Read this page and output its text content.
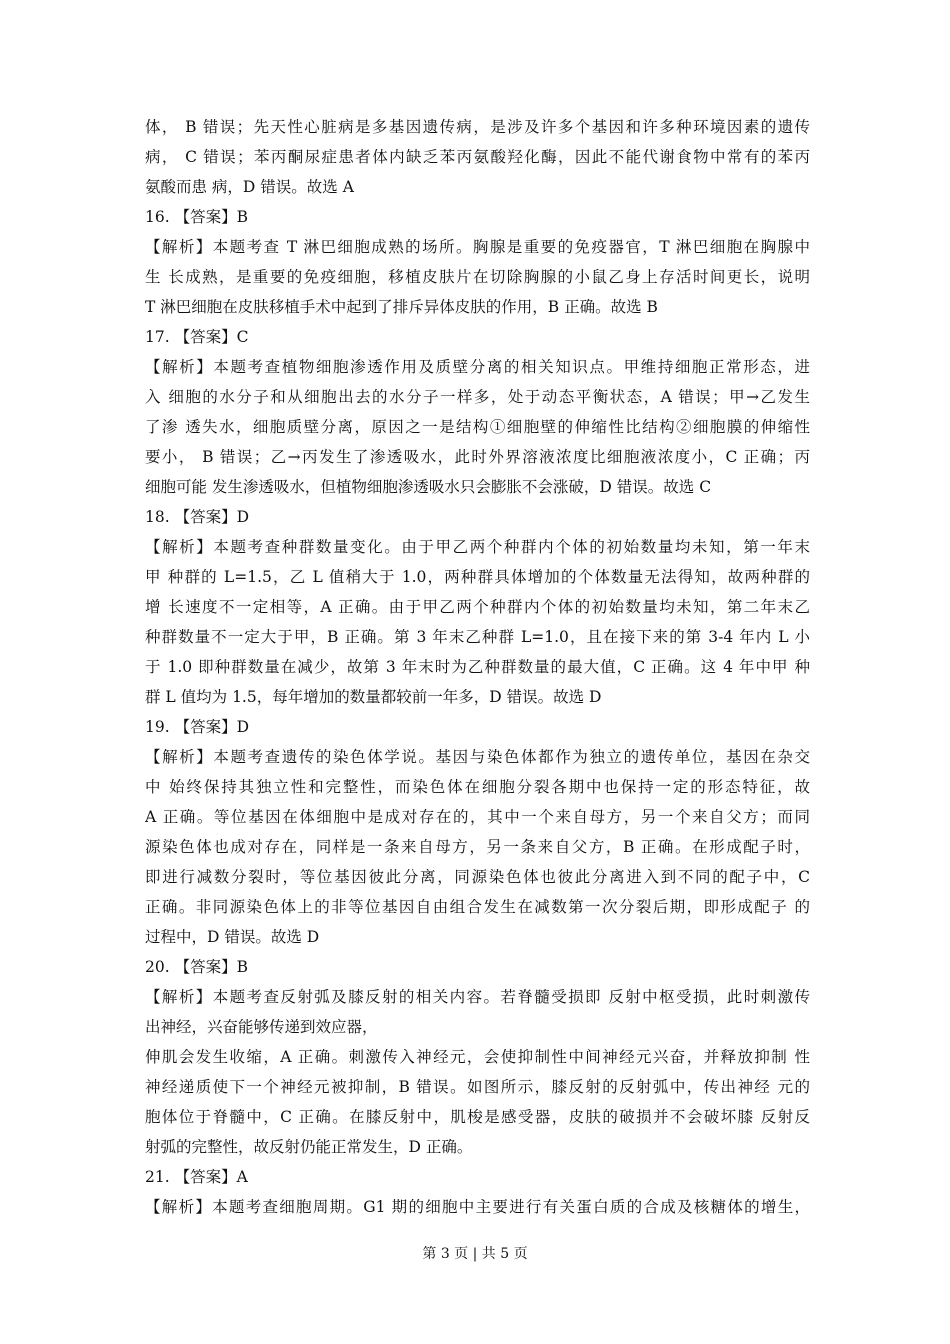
体， B 错误；先天性心脏病是多基因遗传病，是涉及许多个基因和许多种环境因素的遗传
病， C 错误；苯丙酮尿症患者体内缺乏苯丙氨酸羟化酶，因此不能代谢食物中常有的苯丙
氨酸而患 病，D 错误。故选 A
16. 【答案】B
【解析】本题考查 T 淋巴细胞成熟的场所。胸腺是重要的免疫器官，T 淋巴细胞在胸腺中
生 长成熟，是重要的免疫细胞，移植皮肤片在切除胸腺的小鼠乙身上存活时间更长，说明
T 淋巴细胞在皮肤移植手术中起到了排斥异体皮肤的作用，B 正确。故选 B
17. 【答案】C
【解析】本题考查植物细胞渗透作用及质壁分离的相关知识点。甲维持细胞正常形态，进
入 细胞的水分子和从细胞出去的水分子一样多，处于动态平衡状态，A 错误；甲→乙发生
了渗 透失水，细胞质壁分离，原因之一是结构①细胞壁的伸缩性比结构②细胞膜的伸缩性
要小， B 错误；乙→丙发生了渗透吸水，此时外界溶液浓度比细胞液浓度小，C 正确；丙
细胞可能 发生渗透吸水，但植物细胞渗透吸水只会膨胀不会涨破，D 错误。故选 C
18. 【答案】D
【解析】本题考查种群数量变化。由于甲乙两个种群内个体的初始数量均未知，第一年末
甲 种群的 L=1.5，乙 L 值稍大于 1.0，两种群具体增加的个体数量无法得知，故两种群的
增 长速度不一定相等，A 正确。由于甲乙两个种群内个体的初始数量均未知，第二年末乙
种群数量不一定大于甲，B 正确。第 3 年末乙种群 L=1.0，且在接下来的第 3-4 年内 L 小
于 1.0 即种群数量在减少，故第 3 年末时为乙种群数量的最大值，C 正确。这 4 年中甲 种
群 L 值均为 1.5，每年增加的数量都较前一年多，D 错误。故选 D
19. 【答案】D
【解析】本题考查遗传的染色体学说。基因与染色体都作为独立的遗传单位，基因在杂交
中 始终保持其独立性和完整性，而染色体在细胞分裂各期中也保持一定的形态特征，故
A 正确。等位基因在体细胞中是成对存在的，其中一个来自母方，另一个来自父方；而同
源染色体也成对存在，同样是一条来自母方，另一条来自父方，B 正确。在形成配子时，
即进行减数分裂时，等位基因彼此分离，同源染色体也彼此分离进入到不同的配子中，C
正确。非同源染色体上的非等位基因自由组合发生在减数第一次分裂后期，即形成配子 的
过程中，D 错误。故选 D
20. 【答案】B
【解析】本题考查反射弧及膝反射的相关内容。若脊髓受损即 反射中枢受损，此时刺激传
出神经，兴奋能够传递到效应器，
伸肌会发生收缩，A 正确。刺激传入神经元，会使抑制性中间神经元兴奋，并释放抑制 性
神经递质使下一个神经元被抑制，B 错误。如图所示，膝反射的反射弧中，传出神经 元的
胞体位于脊髓中，C 正确。在膝反射中，肌梭是感受器，皮肤的破损并不会破坏膝 反射反
射弧的完整性，故反射仍能正常发生，D 正确。
21. 【答案】A
【解析】本题考查细胞周期。G1 期的细胞中主要进行有关蛋白质的合成及核糖体的增生，
第 3 页 | 共 5 页
